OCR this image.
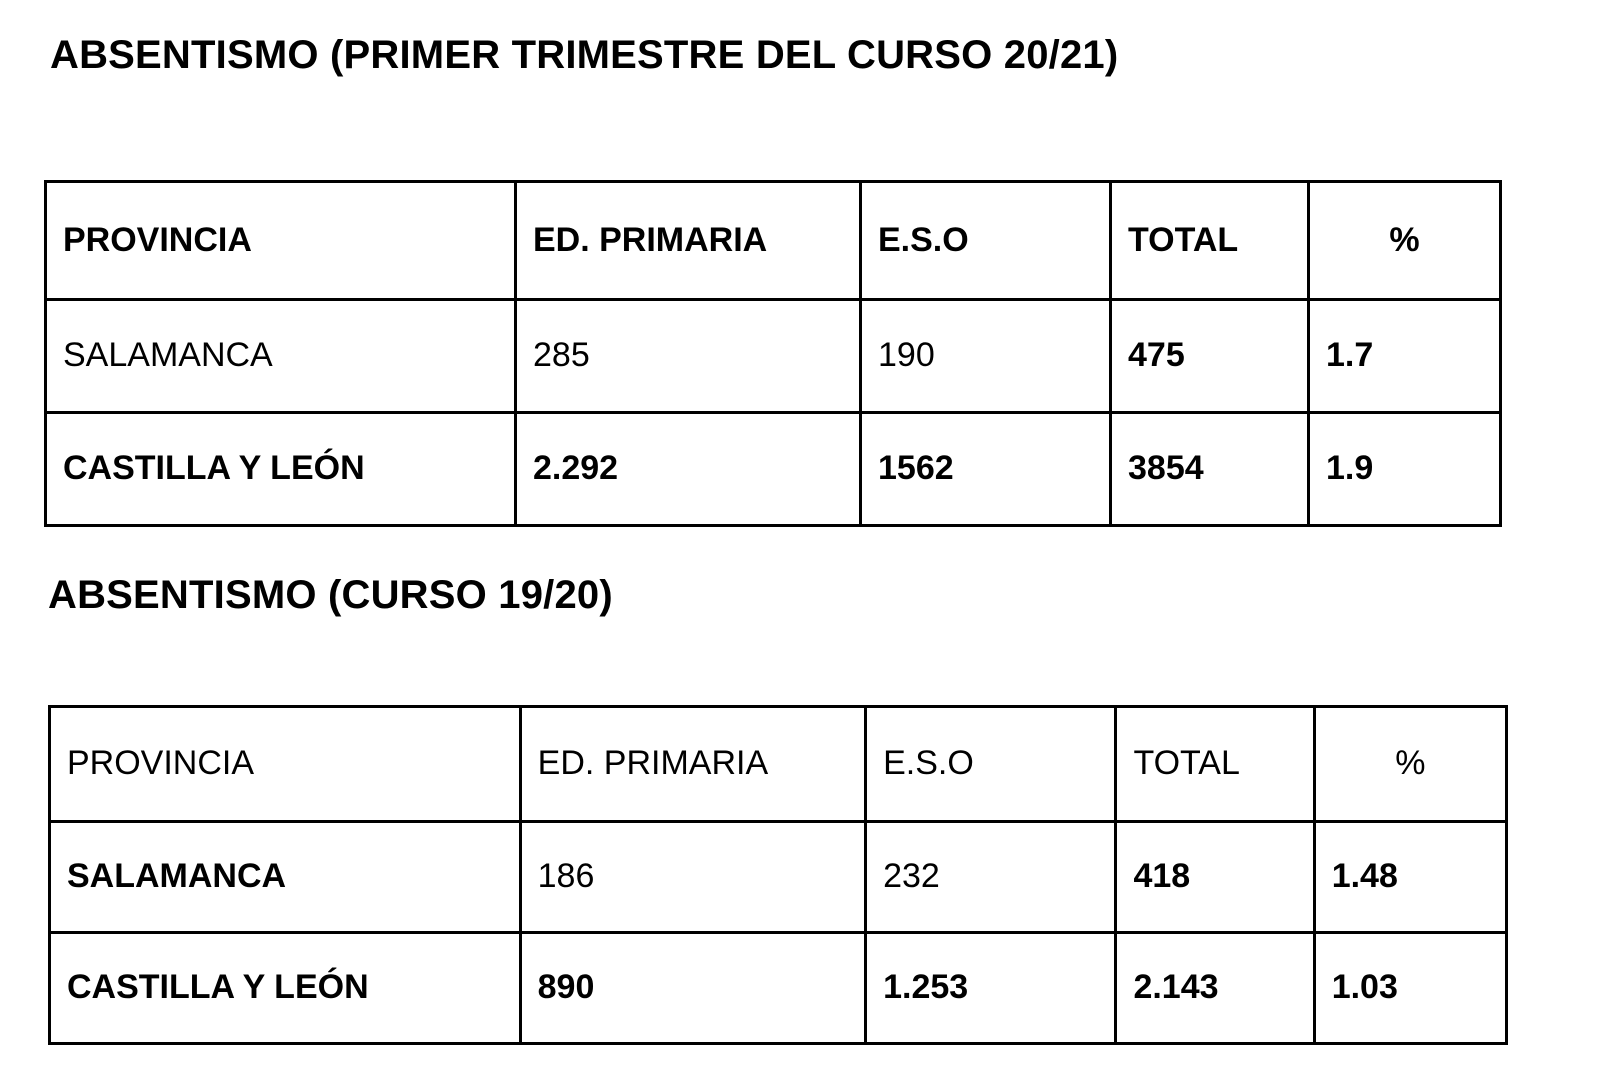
ABSENTISMO (PRIMER TRIMESTRE DEL CURSO 20/21)
PROVINCIA	ED. PRIMARIA	E.S.O	TOTAL	%
SALAMANCA	285	190	475	1.7
CASTILLA Y LEÓN	2.292	1562	3854	1.9
ABSENTISMO (CURSO 19/20)
PROVINCIA	ED. PRIMARIA	E.S.O	TOTAL	%
SALAMANCA	186	232	418	1.48
CASTILLA Y LEÓN	890	1.253	2.143	1.03
